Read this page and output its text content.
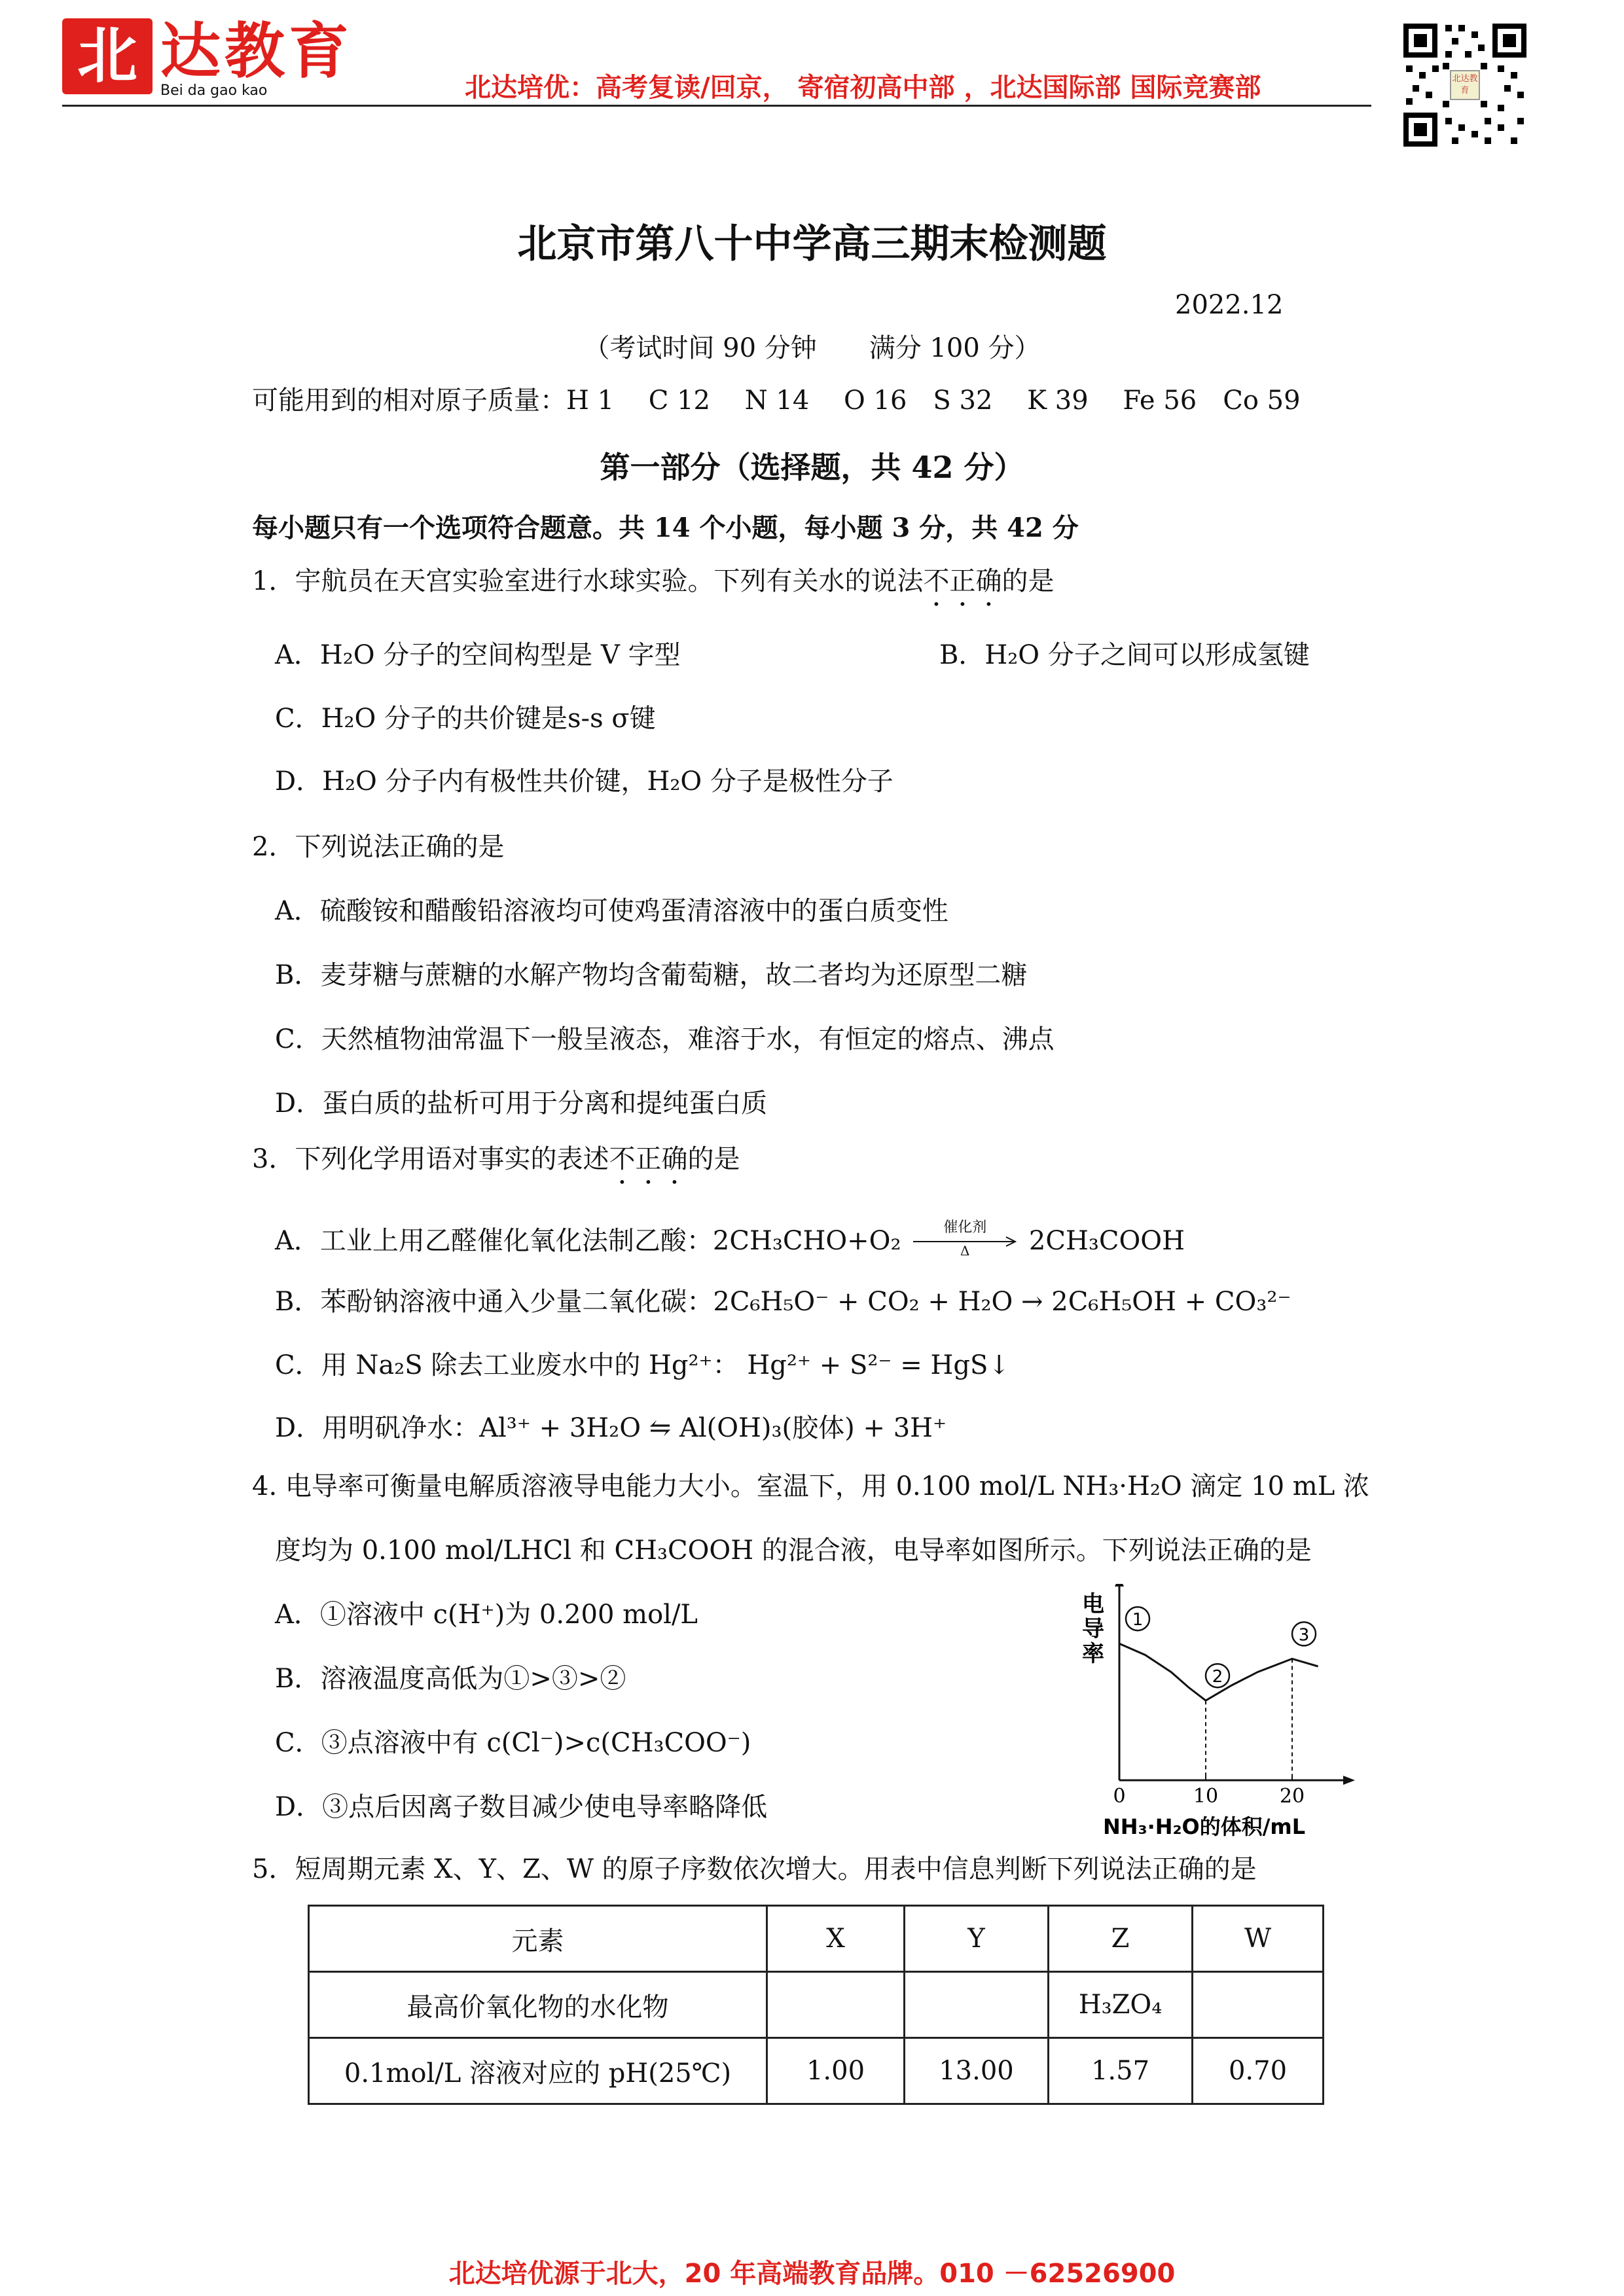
北 达教育
Bei da gao kao	北达培优：高考复读/回京， 寄宿初高中部 ，北达国际部 国际竞赛部	北达教育
北京市第八十中学高三期末检测题
2022.12
（考试时间 90 分钟　　满分 100 分）
可能用到的相对原子质量：H 1　 C 12　 N 14　 O 16　S 32　 K 39　 Fe 56　Co 59
第一部分（选择题，共 42 分）
每小题只有一个选项符合题意。共 14 个小题，每小题 3 分，共 42 分
1．宇航员在天宫实验室进行水球实验。下列有关水的说法不正确的是
A．H₂O 分子的空间构型是 V 字型	B．H₂O 分子之间可以形成氢键
C．H₂O 分子的共价键是s-s σ键
D．H₂O 分子内有极性共价键，H₂O 分子是极性分子
2．下列说法正确的是
A．硫酸铵和醋酸铅溶液均可使鸡蛋清溶液中的蛋白质变性
B．麦芽糖与蔗糖的水解产物均含葡萄糖，故二者均为还原型二糖
C．天然植物油常温下一般呈液态，难溶于水，有恒定的熔点、沸点
D．蛋白质的盐析可用于分离和提纯蛋白质
3．下列化学用语对事实的表述不正确的是
A．工业上用乙醛催化氧化法制乙酸：2CH₃CHO+O₂	催化剂
Δ	2CH₃COOH
B．苯酚钠溶液中通入少量二氧化碳：2C₆H₅O⁻ + CO₂ + H₂O → 2C₆H₅OH + CO₃²⁻
C．用 Na₂S 除去工业废水中的 Hg²⁺： Hg²⁺ + S²⁻ = HgS↓
D．用明矾净水：Al³⁺ + 3H₂O ⇋ Al(OH)₃(胶体) + 3H⁺
4. 电导率可衡量电解质溶液导电能力大小。室温下，用 0.100 mol/L NH₃·H₂O 滴定 10 mL 浓
度均为 0.100 mol/LHCl 和 CH₃COOH 的混合液，电导率如图所示。下列说法正确的是
A．①溶液中 c(H⁺)为 0.200 mol/L
B．溶液温度高低为①>③>②
C．③点溶液中有 c(Cl⁻)>c(CH₃COO⁻)
D．③点后因离子数目减少使电导率略降低
电
导
率
0	10	20
1
2
3
NH₃·H₂O的体积/mL
5．短周期元素 X、Y、Z、W 的原子序数依次增大。用表中信息判断下列说法正确的是
元素	X	Y	Z	W
最高价氧化物的水化物			H₃ZO₄	
0.1mol/L 溶液对应的 pH(25℃)	1.00	13.00	1.57	0.70
北达培优源于北大，20 年高端教育品牌。010 －62526900
